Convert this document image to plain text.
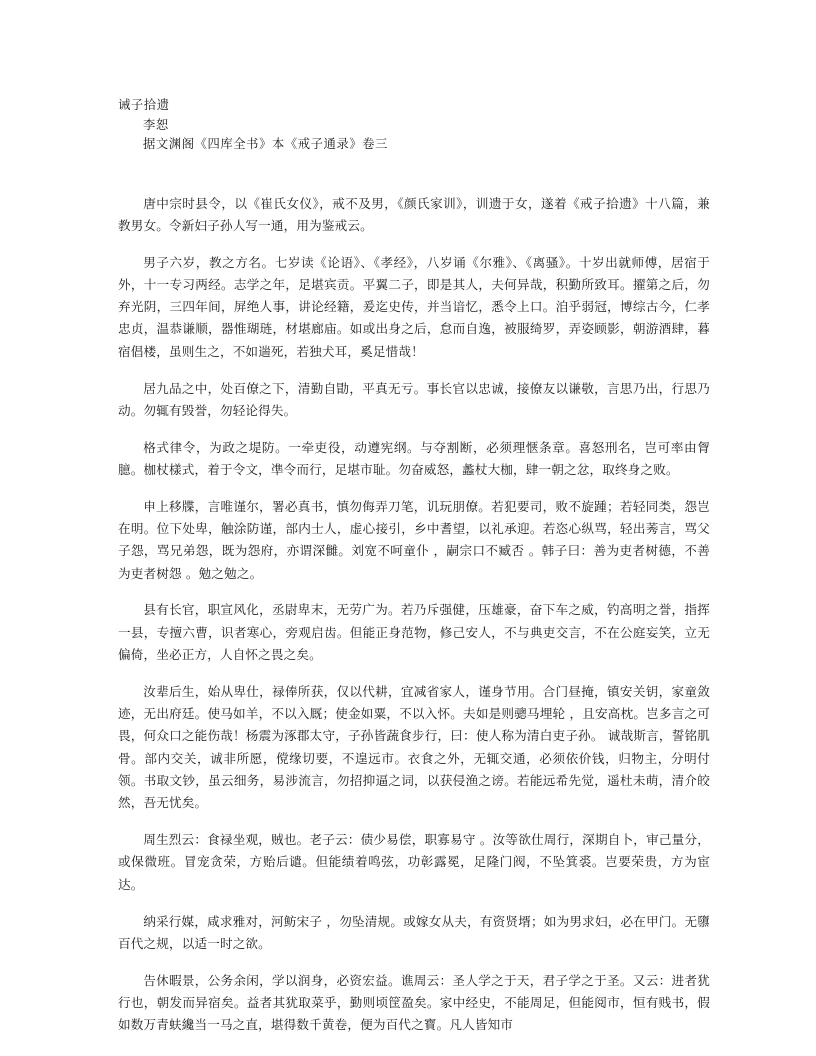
诫子拾遗
李恕
据文渊阁《四库全书》本《戒子通录》卷三

唐中宗时县令，以《崔氏女仪》，戒不及男，《颜氏家训》，训遗于女，遂着《戒子拾遗》十八篇，兼教男女。令新妇子孙人写一通，用为鉴戒云。

男子六岁，教之方名。七岁读《论语》、《孝经》，八岁诵《尔雅》、《离骚》。十岁出就师傅，居宿于外，十一专习两经。志学之年，足堪宾贡。平翼二子，即是其人，夫何异哉，积勤所致耳。擢第之后，勿弃光阴，三四年间，屏绝人事，讲论经籍，爰迄史传，并当谙忆，悉令上口。洎乎弱冠，博综古今，仁孝忠贞，温恭谦顺，器惟瑚琏，材堪廊庙。如或出身之后，怠而自逸，被服绮罗，弄姿顾影，朝游酒肆，暮宿倡楼，虽则生之，不如遄死，若独犬耳，奚足惜哉！

居九品之中，处百僚之下，清勤自勖，平真无亏。事长官以忠诚，接僚友以谦敬，言思乃出，行思乃动。勿辄有毁誉，勿轻论得失。

格式律令，为政之堤防。一牵吏役，动遵宪纲。与夺割断，必须理惬条章。喜怒刑名，岂可率由胷臆。枷杖樣式，着于令文，凖令而行，足堪市耻。勿奋威怒，蠡杖大枷，肆一朝之忿，取终身之败。

申上移牒，言唯谨尔，署必真书，慎勿侮弄刀笔，讥玩朋僚。若犯要司，败不旋踵；若轻同类，怨岂在明。位下处卑，触涂防谨，部内士人，虚心接引，乡中耆望，以礼承迎。若恣心纵骂，轻出莠言，骂父子怨，骂兄弟怨，既为怨府，亦谓深雠。刘宽不呵童仆 ，嗣宗口不臧否 。韩子曰：善为吏者树德，不善为吏者树怨 。勉之勉之。

县有长官，职宣风化，丞尉卑末，无劳广为。若乃斥强健，压雄豪，奋下车之威，钓高明之誉，指挥一县，专擅六曹，识者寒心，旁观启齿。但能正身范物，修己安人，不与典吏交言，不在公庭妄笑，立无偏倚，坐必正方，人自怀之畏之矣。

汝辈后生，始从卑仕，禄俸所获，仅以代耕，宜减省家人，谨身节用。合门昼掩，镇安关钥，家童敛迹，无出府廷。使马如羊，不以入厩；使金如粟，不以入怀。夫如是则骢马埋轮 ，且安高枕。岂多言之可畏，何众口之能伤哉！杨震为涿郡太守，子孙皆蔬食步行，曰：使人称为清白吏子孙。 诚哉斯言，誓铭肌骨。部内交关，诚非所愿，傥缘切要，不遑远市。衣食之外，无辄交通，必须依价钱，归物主，分明付领。书取文钞，虽云细务，易涉流言，勿招抑逼之词，以获侵渔之谤。若能远希先觉，遥杜未萌，清介皎然，吾无忧矣。

周生烈云：食禄坐观，贼也。老子云：债少易偿，职寡易守 。汝等欲仕周行，深期自卜，审己量分，或保微班。冒宠贪荣，方贻后谴。但能绩着鸣弦，功彰露冕，足隆门阀，不坠箕裘。岂要荣贵，方为宦达。

纳采行媒，咸求雅对，河鲂宋子 ，勿坠清规。或嫁女从夫，有资贤壻；如为男求妇，必在甲门。无隳百代之规，以适一时之欲。

告休暇景，公务余闲，学以润身，必资宏益。谯周云：圣人学之于天，君子学之于圣。又云：进者犹行也，朝发而异宿矣。益者其犹取菜乎，勤则顷筐盈矣。家中经史，不能周足，但能阅市，恒有贱书，假如数万青蚨纔当一马之直，堪得数千黄卷，便为百代之寳。凡人皆知市
